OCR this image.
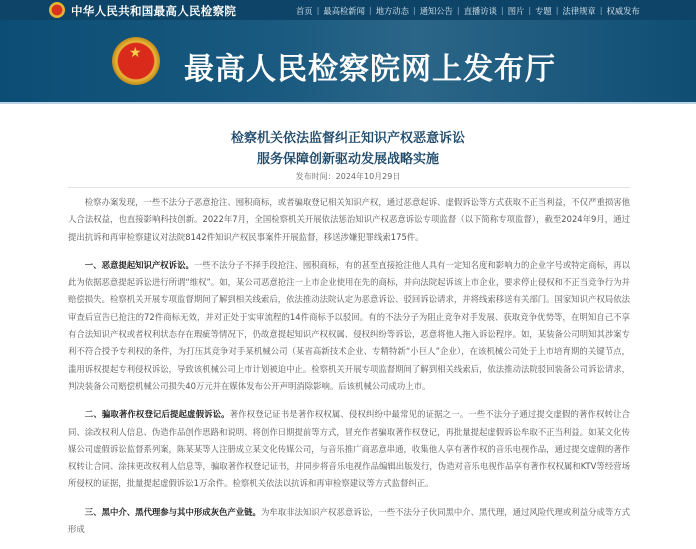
中华人民共和国最高人民检察院	首页 | 最高检新闻 | 地方动态 | 通知公告 | 直播访谈 | 图片 | 专题 | 法律规章 | 权威发布
★
最高人民检察院网上发布厅
检察机关依法监督纠正知识产权恶意诉讼
服务保障创新驱动发展战略实施
发布时间：2024年10月29日

检察办案发现，一些不法分子恶意抢注、囤积商标，或者骗取登记相关知识产权，通过恶意起诉、虚假诉讼等方式获取不正当利益，不仅严重损害他人合法权益，也直接影响科技创新。2022年7月，全国检察机关开展依法惩治知识产权恶意诉讼专项监督（以下简称专项监督），截至2024年9月，通过提出抗诉和再审检察建议对法院8142件知识产权民事案件开展监督，移送涉嫌犯罪线索175件。

一、恶意提起知识产权诉讼。一些不法分子不择手段抢注、囤积商标，有的甚至直接抢注他人具有一定知名度和影响力的企业字号或特定商标，再以此为依据恶意提起诉讼进行所谓“维权”。如，某公司恶意抢注一上市企业使用在先的商标，并向法院起诉该上市企业，要求停止侵权和不正当竞争行为并赔偿损失。检察机关开展专项监督期间了解到相关线索后，依法推动法院认定为恶意诉讼、驳回诉讼请求，并将线索移送有关部门。国家知识产权局依法审查后宣告已抢注的72件商标无效，并对正处于实审流程的14件商标予以驳回。有的不法分子为阻止竞争对手发展、获取竞争优势等，在明知自己不享有合法知识产权或者权利状态存在瑕疵等情况下，仍故意提起知识产权权属、侵权纠纷等诉讼，恶意将他人拖入诉讼程序。如，某装备公司明知其涉案专利不符合授予专利权的条件，为打压其竞争对手某机械公司（某省高新技术企业、专精特新“小巨人”企业），在该机械公司处于上市培育期的关键节点，滥用诉权提起专利侵权诉讼，导致该机械公司上市计划被迫中止。检察机关开展专项监督期间了解到相关线索后，依法推动法院驳回装备公司诉讼请求，判决装备公司赔偿机械公司损失40万元并在媒体发布公开声明消除影响。后该机械公司成功上市。

二、骗取著作权登记后提起虚假诉讼。著作权登记证书是著作权权属、侵权纠纷中最常见的证据之一。一些不法分子通过提交虚假的著作权转让合同、涂改权利人信息、伪造作品创作思路和说明、将创作日期提前等方式，冒充作者骗取著作权登记，再批量提起虚假诉讼牟取不正当利益。如某文化传媒公司虚假诉讼监督系列案，陈某某等人注册成立某文化传媒公司，与音乐推广商恶意串通，收集他人享有著作权的音乐电视作品，通过提交虚假的著作权转让合同、涂抹更改权利人信息等，骗取著作权登记证书，并同步将音乐电视作品编辑出版发行，伪造对音乐电视作品享有著作权权属和KTV等经营场所侵权的证据，批量提起虚假诉讼1万余件。检察机关依法以抗诉和再审检察建议等方式监督纠正。

三、黑中介、黑代理参与其中形成灰色产业链。为牟取非法知识产权恶意诉讼，一些不法分子伙同黑中介、黑代理，通过风险代理或利益分成等方式形成
